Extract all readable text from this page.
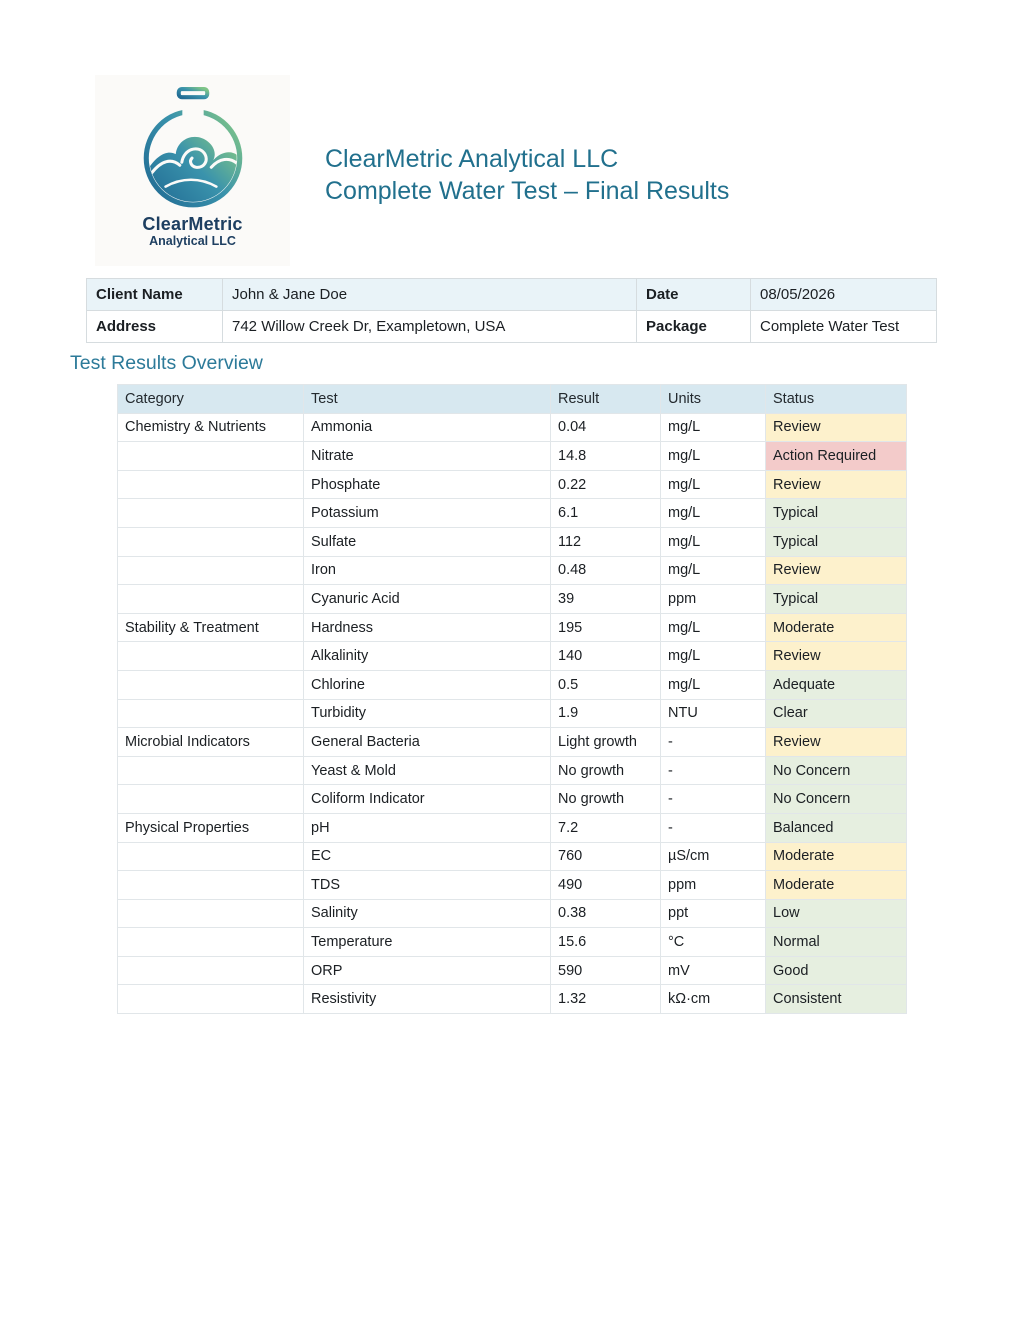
ClearMetric
Analytical LLC
ClearMetric Analytical LLC
Complete Water Test – Final Results
Client Name	John & Jane Doe	Date	08/05/2026
Address	742 Willow Creek Dr, Exampletown, USA	Package	Complete Water Test
Test Results Overview
Category	Test	Result	Units	Status
Chemistry & Nutrients	Ammonia	0.04	mg/L	Review
	Nitrate	14.8	mg/L	Action Required
	Phosphate	0.22	mg/L	Review
	Potassium	6.1	mg/L	Typical
	Sulfate	112	mg/L	Typical
	Iron	0.48	mg/L	Review
	Cyanuric Acid	39	ppm	Typical
Stability & Treatment	Hardness	195	mg/L	Moderate
	Alkalinity	140	mg/L	Review
	Chlorine	0.5	mg/L	Adequate
	Turbidity	1.9	NTU	Clear
Microbial Indicators	General Bacteria	Light growth	-	Review
	Yeast & Mold	No growth	-	No Concern
	Coliform Indicator	No growth	-	No Concern
Physical Properties	pH	7.2	-	Balanced
	EC	760	µS/cm	Moderate
	TDS	490	ppm	Moderate
	Salinity	0.38	ppt	Low
	Temperature	15.6	°C	Normal
	ORP	590	mV	Good
	Resistivity	1.32	kΩ·cm	Consistent
